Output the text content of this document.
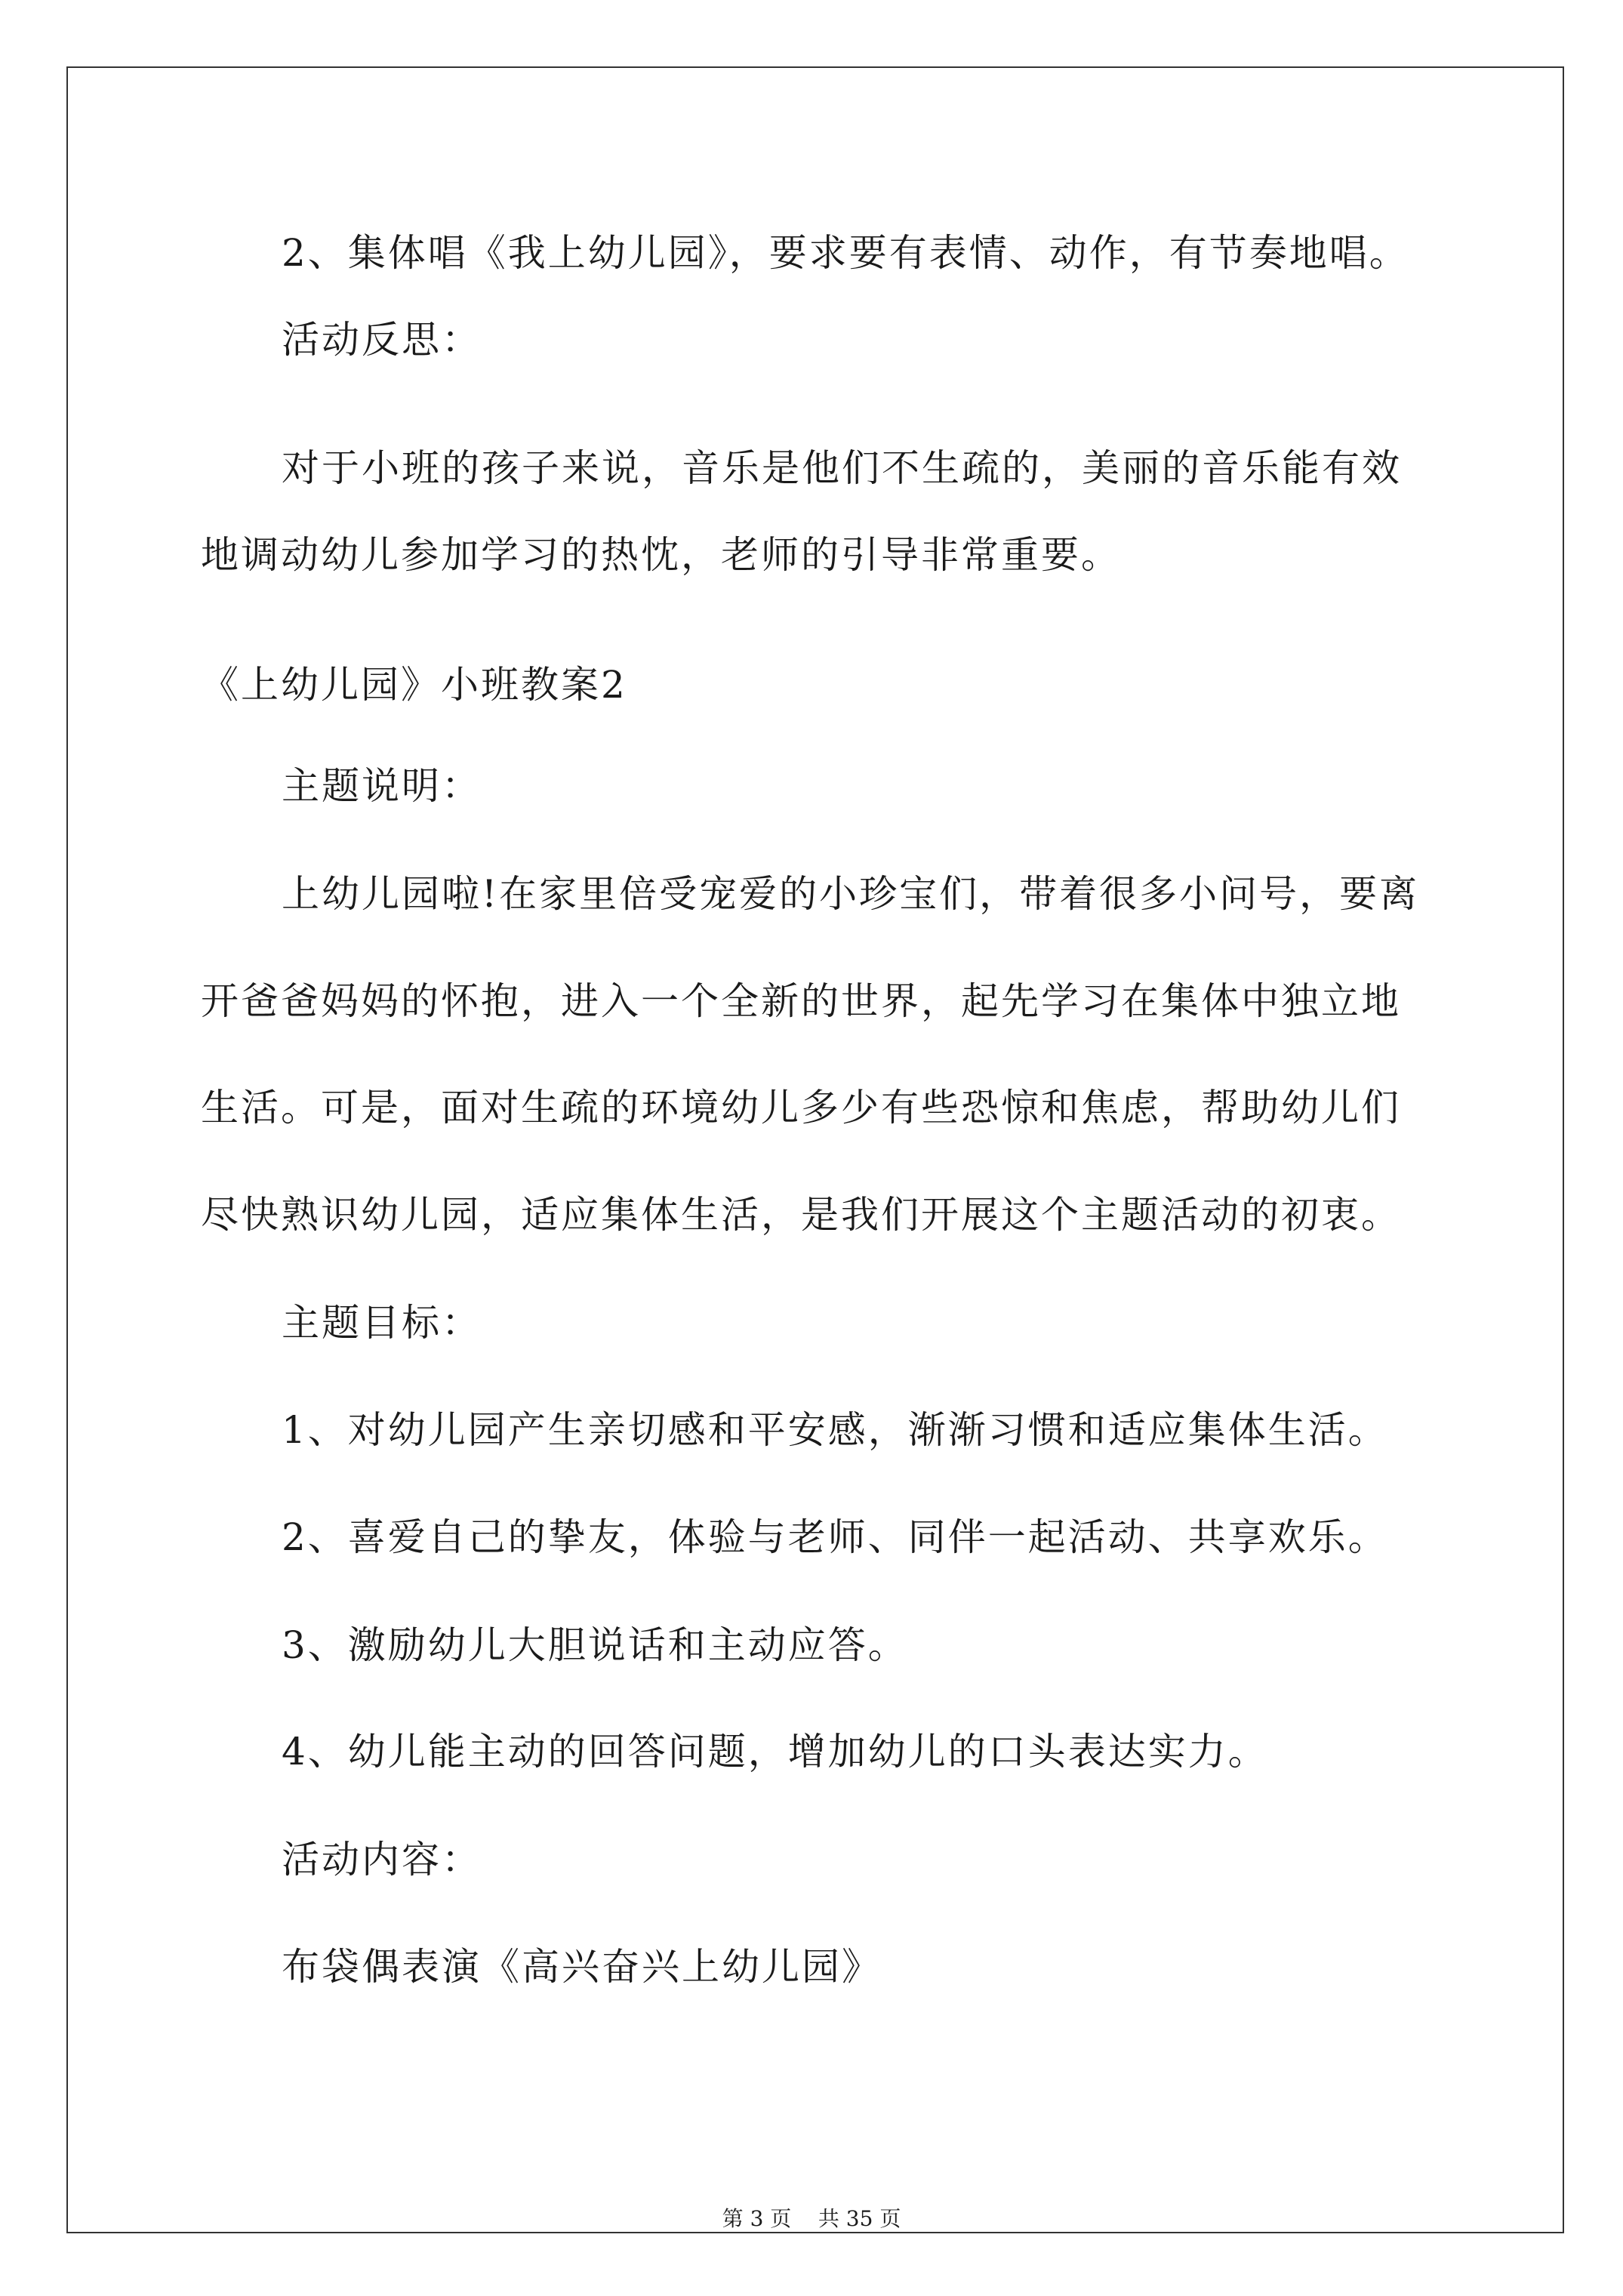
2、集体唱《我上幼儿园》，要求要有表情、动作，有节奏地唱。
活动反思：
对于小班的孩子来说，音乐是他们不生疏的，美丽的音乐能有效
地调动幼儿参加学习的热忱，老师的引导非常重要。
《上幼儿园》小班教案2
主题说明：
上幼儿园啦!在家里倍受宠爱的小珍宝们，带着很多小问号，要离
开爸爸妈妈的怀抱，进入一个全新的世界，起先学习在集体中独立地
生活。可是，面对生疏的环境幼儿多少有些恐惊和焦虑，帮助幼儿们
尽快熟识幼儿园，适应集体生活，是我们开展这个主题活动的初衷。
主题目标：
1、对幼儿园产生亲切感和平安感，渐渐习惯和适应集体生活。
2、喜爱自己的挚友，体验与老师、同伴一起活动、共享欢乐。
3、激励幼儿大胆说话和主动应答。
4、幼儿能主动的回答问题，增加幼儿的口头表达实力。
活动内容：
布袋偶表演《高兴奋兴上幼儿园》
第 3 页    共 35 页
